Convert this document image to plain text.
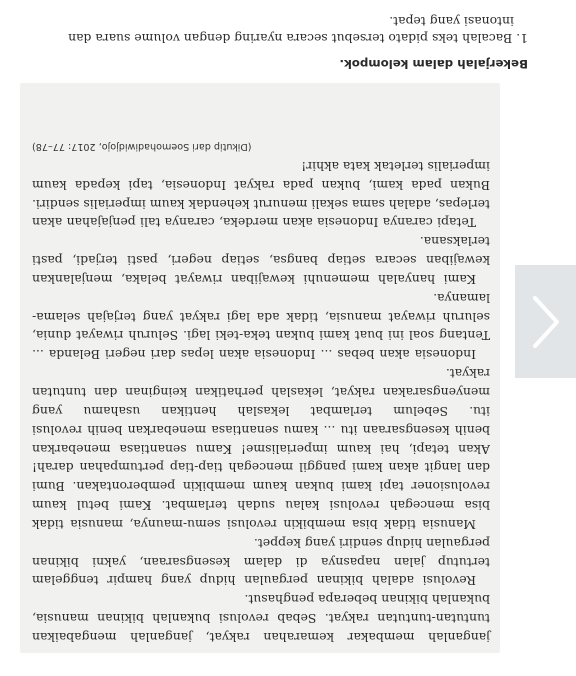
janganlah membakar kemarahan rakyat, janganlah mengabaikan tuntutan-tuntutan rakyat. Sebab revolusi bukanlah bikinan manusia, bukanlah bikinan beberapa penghasut.

Revolusi adalah bikinan pergaulan hidup yang hampir tenggelam tertutup jalan napasnya di dalam kesengsaraan, yakni bikinan pergaulan hidup sendiri yang keppet.

Manusia tidak bisa membikin revolusi semu-maunya, manusia tidak bisa mencegah revolusi kalau sudah terlambat. Kami betul kaum revolusioner tapi kami bukan kaum membikin pemberontakan. Bumi dan langit akan kami panggil mencegah tiap-tiap pertumpahan darah! Akan tetapi, hai kaum imperialisme! Kamu senantiasa menebarkan benih kesengsaraan itu ... kamu senantiasa menebarkan benih revolusi itu. Sebelum terlambat lekaslah hentikan usahamu yang menyengsarakan rakyat, lekaslah perhatikan keinginan dan tuntutan rakyat.

Indonesia akan bebas ... Indonesia akan lepas dari negeri Belanda ... Tentang soal ini buat kami bukan teka-teki lagi. Seluruh riwayat dunia, seluruh riwayat manusia, tidak ada lagi rakyat yang terjajah selama-lamanya.

Kami hanyalah memenuhi kewajiban riwayat belaka, menjalankan kewajiban secara setiap bangsa, setiap negeri, pasti terjadi, pasti terlaksana.

Tetapi caranya Indonesia akan merdeka, caranya tali penjajahan akan terlepas, adalah sama sekali menurut kehendak kaum imperialis sendiri. Bukan pada kami, bukan pada rakyat Indonesia, tapi kepada kaum imperialis terletak kata akhir!

(Dikutip dari Soemohadiwidjojo, 2017: 77–78)

Bekerjalah dalam kelompok.

1. Bacalah teks pidato tersebut secara nyaring dengan volume suara dan intonasi yang tepat.
